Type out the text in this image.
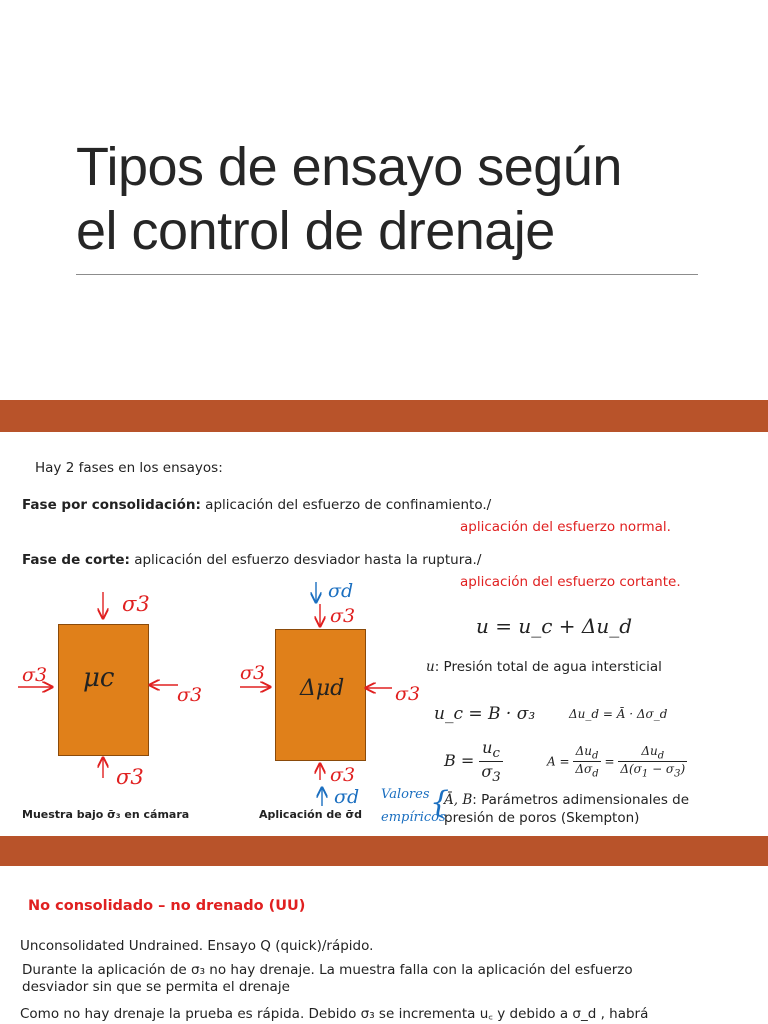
Tipos de ensayo según
el control de drenaje
Hay 2 fases en los ensayos:
Fase por consolidación: aplicación del esfuerzo de confinamiento./
aplicación del esfuerzo normal.
Fase de corte: aplicación del esfuerzo desviador hasta la ruptura./
aplicación del esfuerzo cortante.
μc	Δμd
σ3
σ3
σ3
σ3
σd
σ3
σ3
σ3
σ3
σd
Muestra bajo σ̄₃ en cámara	Aplicación de σ̄d
u = u_c + Δu_d
u: Presión total de agua intersticial
u_c = B · σ₃	Δu_d = Ā · Δσ_d
$B = \frac{u_c}{\sigma_3}$	$A = \frac{\Delta u_d}{\Delta\sigma_d} = \frac{\Delta u_d}{\Delta(\sigma_1 - \sigma_3)}$
Valores
empíricos
{
Ā, B: Parámetros adimensionales de
presión de poros (Skempton)
No consolidado – no drenado (UU)
Unconsolidated Undrained. Ensayo Q (quick)/rápido.
Durante la aplicación de σ₃ no hay drenaje. La muestra falla con la aplicación del esfuerzo
desviador sin que se permita el drenaje
Como no hay drenaje la prueba es rápida. Debido σ₃ se incrementa u꜀ y debido a σ_d , habrá
